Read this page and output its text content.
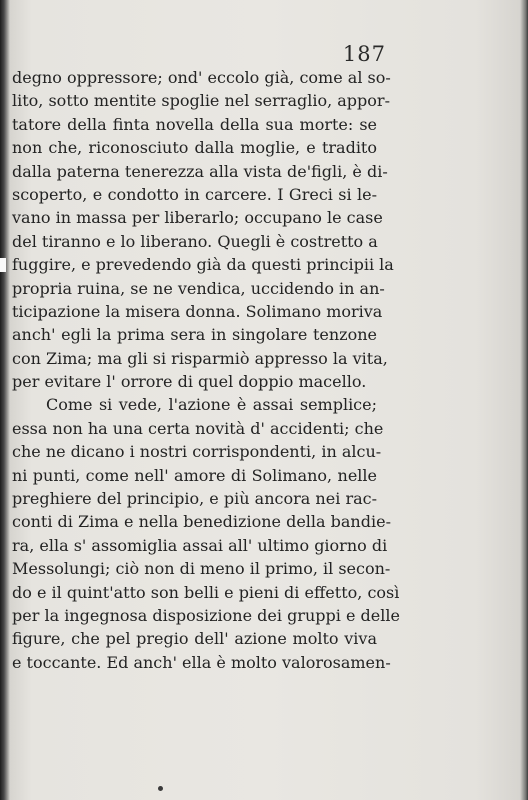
187
degno oppressore; ond' eccolo già, come al so-
lito, sotto mentite spoglie nel serraglio, appor-
tatore della finta novella della sua morte: se
non che, riconosciuto dalla moglie, e tradito
dalla paterna tenerezza alla vista de'figli, è di-
scoperto, e condotto in carcere. I Greci si le-
vano in massa per liberarlo; occupano le case
del tiranno e lo liberano. Quegli è costretto a
fuggire, e prevedendo già da questi principii la
propria ruina, se ne vendica, uccidendo in an-
ticipazione la misera donna. Solimano moriva
anch' egli la prima sera in singolare tenzone
con Zima; ma gli si risparmiò appresso la vita,
per evitare l' orrore di quel doppio macello.
Come si vede, l'azione è assai semplice;
essa non ha una certa novità d' accidenti; che
che ne dicano i nostri corrispondenti, in alcu-
ni punti, come nell' amore di Solimano, nelle
preghiere del principio, e più ancora nei rac-
conti di Zima e nella benedizione della bandie-
ra, ella s' assomiglia assai all' ultimo giorno di
Messolungi; ciò non di meno il primo, il secon-
do e il quint'atto son belli e pieni di effetto, così
per la ingegnosa disposizione dei gruppi e delle
figure, che pel pregio dell' azione molto viva
e toccante. Ed anch' ella è molto valorosamen-
